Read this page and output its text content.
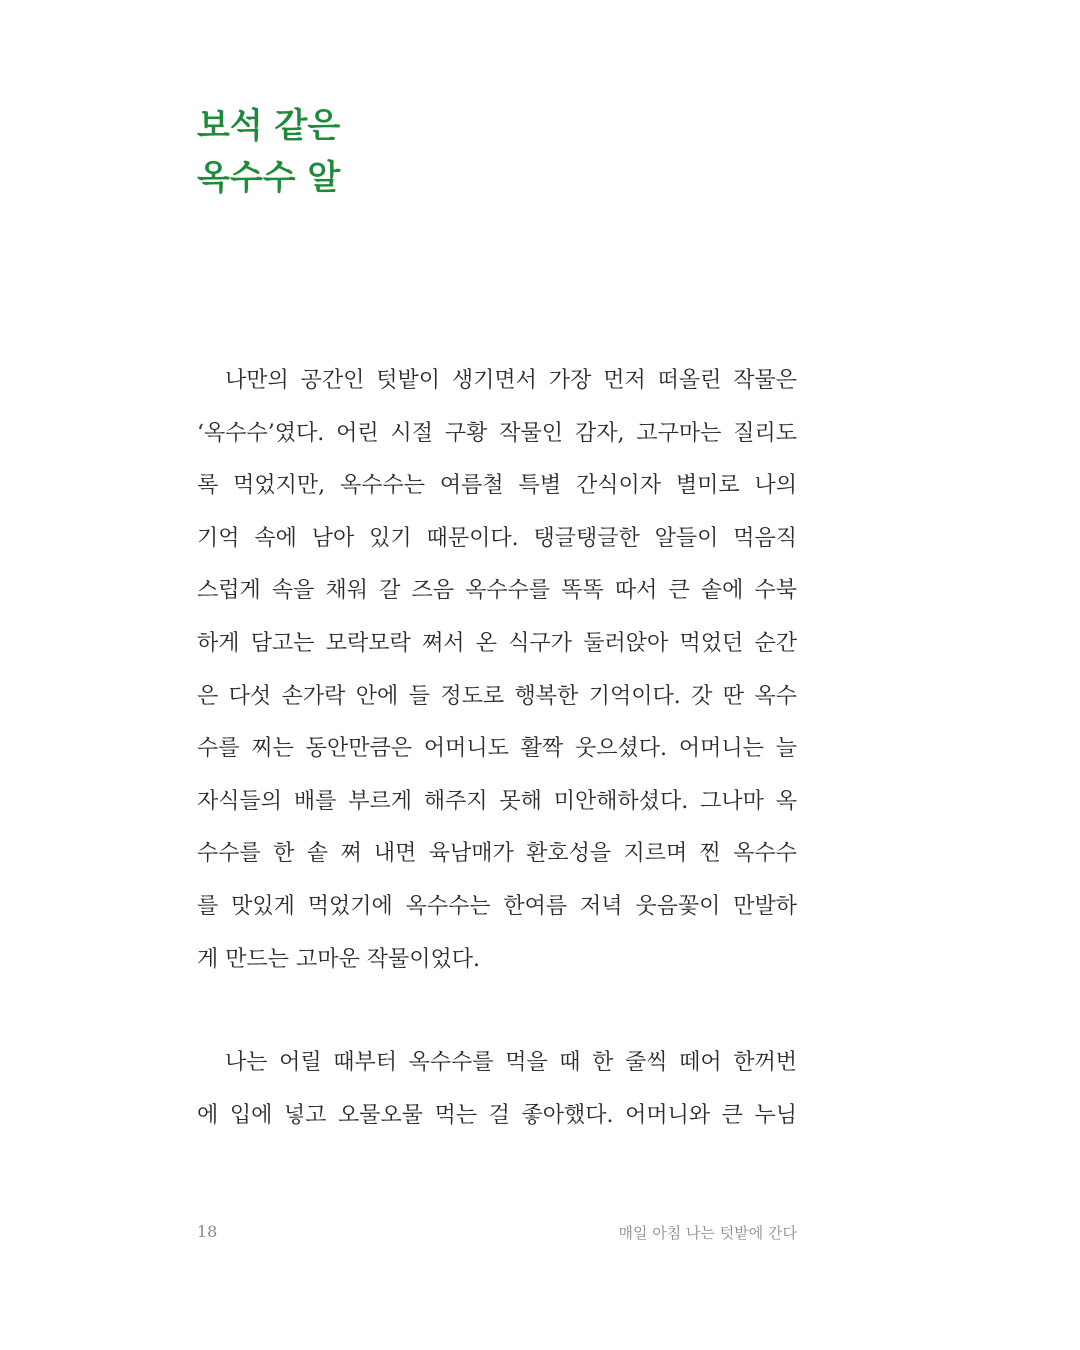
보석 같은
옥수수 알
나만의 공간인 텃밭이 생기면서 가장 먼저 떠올린 작물은
‘옥수수’였다. 어린 시절 구황 작물인 감자, 고구마는 질리도
록 먹었지만, 옥수수는 여름철 특별 간식이자 별미로 나의
기억 속에 남아 있기 때문이다. 탱글탱글한 알들이 먹음직
스럽게 속을 채워 갈 즈음 옥수수를 똑똑 따서 큰 솥에 수북
하게 담고는 모락모락 쪄서 온 식구가 둘러앉아 먹었던 순간
은 다섯 손가락 안에 들 정도로 행복한 기억이다. 갓 딴 옥수
수를 찌는 동안만큼은 어머니도 활짝 웃으셨다. 어머니는 늘
자식들의 배를 부르게 해주지 못해 미안해하셨다. 그나마 옥
수수를 한 솥 쪄 내면 육남매가 환호성을 지르며 찐 옥수수
를 맛있게 먹었기에 옥수수는 한여름 저녁 웃음꽃이 만발하
게 만드는 고마운 작물이었다.
나는 어릴 때부터 옥수수를 먹을 때 한 줄씩 떼어 한꺼번
에 입에 넣고 오물오물 먹는 걸 좋아했다. 어머니와 큰 누님
18	매일 아침 나는 텃밭에 간다
